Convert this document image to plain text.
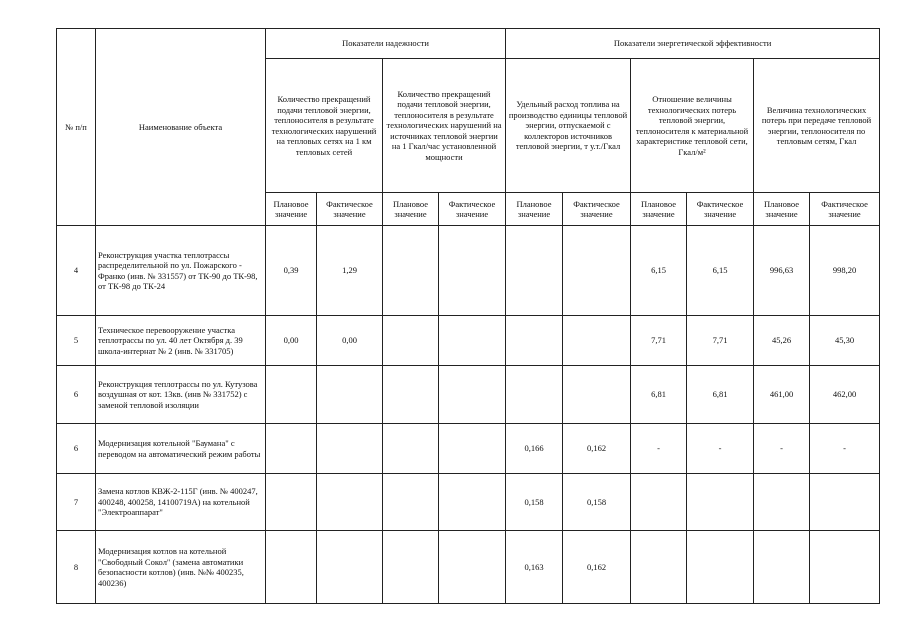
№ п/п	Наименование объекта	Показатели надежности				Показатели энергетической эффективности					
		Количество прекращений подачи тепловой энергии, теплоносителя в результате технологических нарушений на тепловых сетях на 1 км тепловых сетей		Количество прекращений подачи тепловой энергии, теплоносителя в результате технологических нарушений на источниках тепловой энергии на 1 Гкал/час установленной мощности		Удельный расход топлива на производство единицы тепловой энергии, отпускаемой с коллекторов источников тепловой энергии, т у.т./Гкал		Отношение величины технологических потерь тепловой энергии, теплоносителя к материальной характеристике тепловой сети, Гкал/м²		Величина технологических потерь при передаче тепловой энергии, теплоносителя по тепловым сетям, Гкал	
		Плановое значение	Фактическое значение	Плановое значение	Фактическое значение	Плановое значение	Фактическое значение	Плановое значение	Фактическое значение	Плановое значение	Фактическое значение
4	Реконструкция участка теплотрассы распределительной по ул. Пожарского - Франко (инв. № 331557) от ТК-90 до ТК-98, от ТК-98 до ТК-24	0,39	1,29					6,15	6,15	996,63	998,20
5	Техническое перевооружение участка теплотрассы по ул. 40 лет Октября д. 39 школа-интернат № 2 (инв. № 331705)	0,00	0,00					7,71	7,71	45,26	45,30
6	Реконструкция теплотрассы по ул. Кутузова воздушная от кот. 13кв. (инв № 331752) с заменой тепловой изоляции							6,81	6,81	461,00	462,00
6	Модернизация котельной "Баумана" с переводом на автоматический режим работы					0,166	0,162	-	-	-	-
7	Замена котлов КВЖ-2-115Г (инв. № 400247, 400248, 400258, 14100719А) на котельной "Электроаппарат"					0,158	0,158				
8	Модернизация котлов на котельной "Свободный Сокол" (замена автоматики безопасности котлов) (инв. №№ 400235, 400236)					0,163	0,162				
